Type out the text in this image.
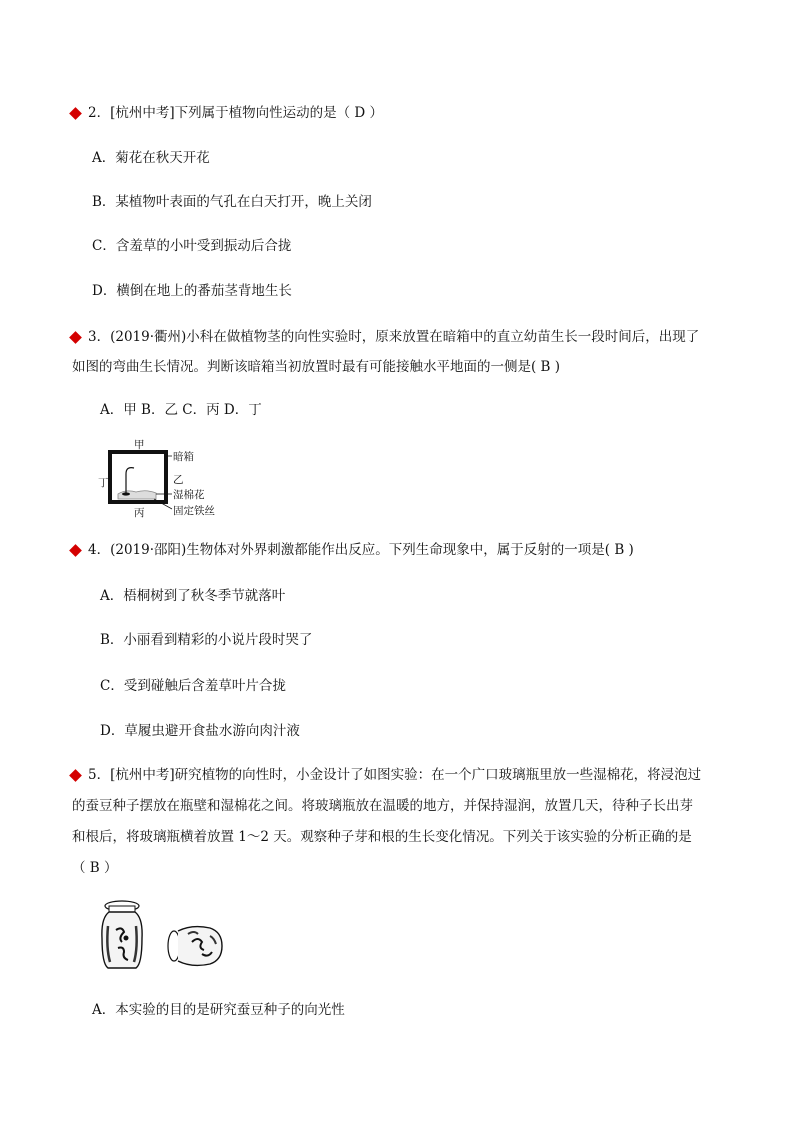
2．[杭州中考]下列属于植物向性运动的是（ D ）
A．菊花在秋天开花
B．某植物叶表面的气孔在白天打开，晚上关闭
C．含羞草的小叶受到振动后合拢
D．横倒在地上的番茄茎背地生长
3．(2019·衢州)小科在做植物茎的向性实验时，原来放置在暗箱中的直立幼苗生长一段时间后，出现了
如图的弯曲生长情况。判断该暗箱当初放置时最有可能接触水平地面的一侧是( B )
A．甲 B．乙 C．丙 D．丁
甲
丁
丙
暗箱
乙
湿棉花
固定铁丝
4．(2019·邵阳)生物体对外界刺激都能作出反应。下列生命现象中，属于反射的一项是( B )
A．梧桐树到了秋冬季节就落叶
B．小丽看到精彩的小说片段时哭了
C．受到碰触后含羞草叶片合拢
D．草履虫避开食盐水游向肉汁液
5．[杭州中考]研究植物的向性时，小金设计了如图实验：在一个广口玻璃瓶里放一些湿棉花，将浸泡过
的蚕豆种子摆放在瓶壁和湿棉花之间。将玻璃瓶放在温暖的地方，并保持湿润，放置几天，待种子长出芽
和根后，将玻璃瓶横着放置 1～2 天。观察种子芽和根的生长变化情况。下列关于该实验的分析正确的是
（ B ）
A．本实验的目的是研究蚕豆种子的向光性
